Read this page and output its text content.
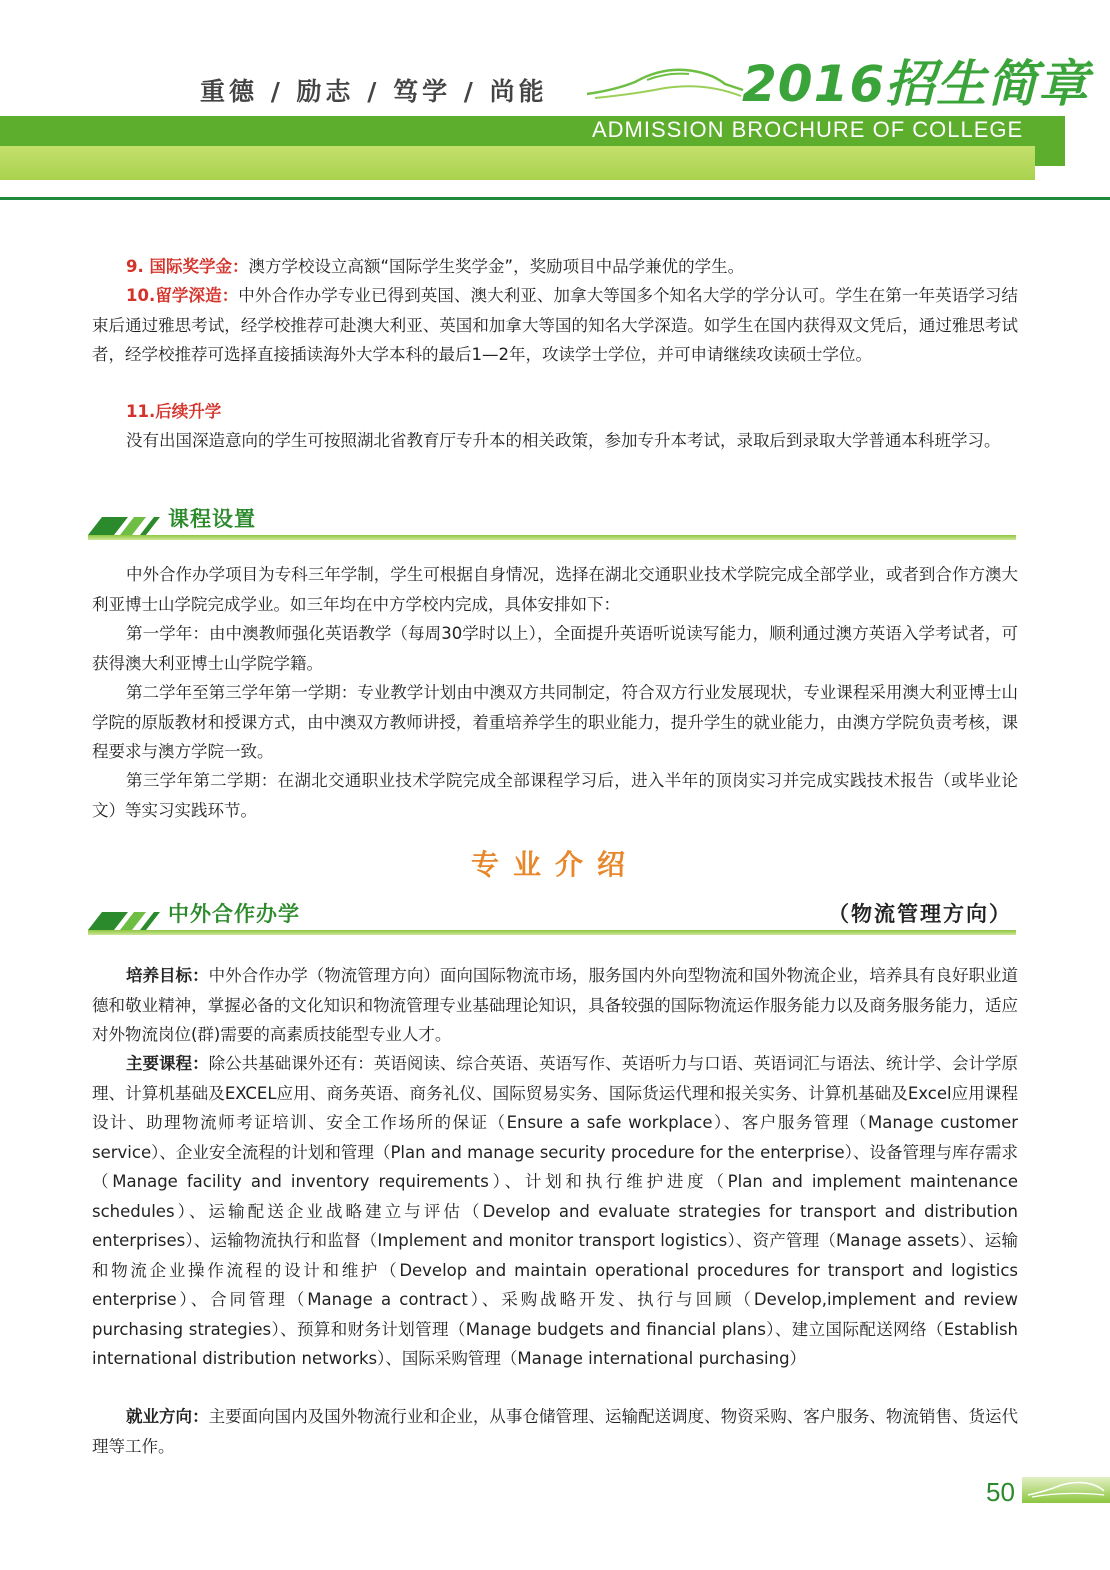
重德 / 励志 / 笃学 / 尚能	2016招生简章
ADMISSION BROCHURE OF COLLEGE
9. 国际奖学金：澳方学校设立高额“国际学生奖学金”，奖励项目中品学兼优的学生。
10.留学深造：中外合作办学专业已得到英国、澳大利亚、加拿大等国多个知名大学的学分认可。学生在第一年英语学习结束后通过雅思考试，经学校推荐可赴澳大利亚、英国和加拿大等国的知名大学深造。如学生在国内获得双文凭后，通过雅思考试者，经学校推荐可选择直接插读海外大学本科的最后1—2年，攻读学士学位，并可申请继续攻读硕士学位。
11.后续升学
没有出国深造意向的学生可按照湖北省教育厅专升本的相关政策，参加专升本考试，录取后到录取大学普通本科班学习。
课程设置
中外合作办学项目为专科三年学制，学生可根据自身情况，选择在湖北交通职业技术学院完成全部学业，或者到合作方澳大利亚博士山学院完成学业。如三年均在中方学校内完成，具体安排如下：
第一学年：由中澳教师强化英语教学（每周30学时以上），全面提升英语听说读写能力，顺利通过澳方英语入学考试者，可获得澳大利亚博士山学院学籍。
第二学年至第三学年第一学期：专业教学计划由中澳双方共同制定，符合双方行业发展现状，专业课程采用澳大利亚博士山学院的原版教材和授课方式，由中澳双方教师讲授，着重培养学生的职业能力，提升学生的就业能力，由澳方学院负责考核，课程要求与澳方学院一致。
第三学年第二学期：在湖北交通职业技术学院完成全部课程学习后，进入半年的顶岗实习并完成实践技术报告（或毕业论文）等实习实践环节。
专业介绍
中外合作办学	（物流管理方向）
培养目标：中外合作办学（物流管理方向）面向国际物流市场，服务国内外向型物流和国外物流企业，培养具有良好职业道德和敬业精神，掌握必备的文化知识和物流管理专业基础理论知识，具备较强的国际物流运作服务能力以及商务服务能力，适应对外物流岗位(群)需要的高素质技能型专业人才。
主要课程：除公共基础课外还有：英语阅读、综合英语、英语写作、英语听力与口语、英语词汇与语法、统计学、会计学原理、计算机基础及EXCEL应用、商务英语、商务礼仪、国际贸易实务、国际货运代理和报关实务、计算机基础及Excel应用课程设计、助理物流师考证培训、安全工作场所的保证（Ensure a safe workplace）、客户服务管理（Manage customer service）、企业安全流程的计划和管理（Plan and manage security procedure for the enterprise）、设备管理与库存需求（Manage facility and inventory requirements）、计划和执行维护进度（Plan and implement maintenance schedules）、运输配送企业战略建立与评估（Develop and evaluate strategies for transport and distribution enterprises）、运输物流执行和监督（Implement and monitor transport logistics）、资产管理（Manage assets）、运输和物流企业操作流程的设计和维护（Develop and maintain operational procedures for transport and logistics enterprise）、合同管理（Manage a contract）、采购战略开发、执行与回顾（Develop,implement and review purchasing strategies）、预算和财务计划管理（Manage budgets and financial plans）、建立国际配送网络（Establish international distribution networks）、国际采购管理（Manage international purchasing）
就业方向：主要面向国内及国外物流行业和企业，从事仓储管理、运输配送调度、物资采购、客户服务、物流销售、货运代理等工作。
50
